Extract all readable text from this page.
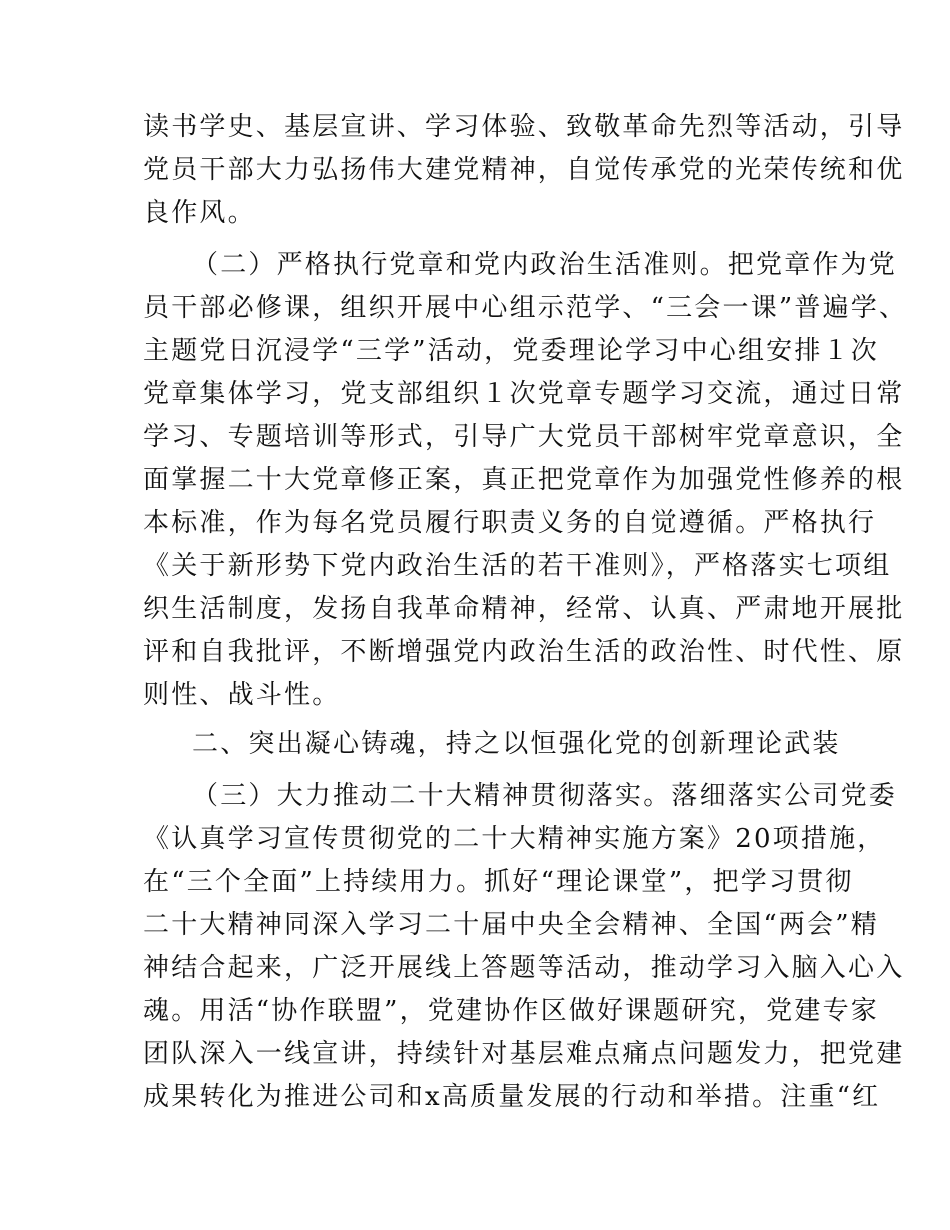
读书学史、基层宣讲、学习体验、致敬革命先烈等活动，引导
党员干部大力弘扬伟大建党精神，自觉传承党的光荣传统和优
良作风。
（二）严格执行党章和党内政治生活准则。把党章作为党
员干部必修课，组织开展中心组示范学、“三会一课”普遍学、
主题党日沉浸学“三学”活动，党委理论学习中心组安排１次
党章集体学习，党支部组织１次党章专题学习交流，通过日常
学习、专题培训等形式，引导广大党员干部树牢党章意识，全
面掌握二十大党章修正案，真正把党章作为加强党性修养的根
本标准，作为每名党员履行职责义务的自觉遵循。严格执行
《关于新形势下党内政治生活的若干准则》，严格落实七项组
织生活制度，发扬自我革命精神，经常、认真、严肃地开展批
评和自我批评，不断增强党内政治生活的政治性、时代性、原
则性、战斗性。
二、突出凝心铸魂，持之以恒强化党的创新理论武装
（三）大力推动二十大精神贯彻落实。落细落实公司党委
《认真学习宣传贯彻党的二十大精神实施方案》20项措施，
在“三个全面”上持续用力。抓好“理论课堂”，把学习贯彻
二十大精神同深入学习二十届中央全会精神、全国“两会”精
神结合起来，广泛开展线上答题等活动，推动学习入脑入心入
魂。用活“协作联盟”，党建协作区做好课题研究，党建专家
团队深入一线宣讲，持续针对基层难点痛点问题发力，把党建
成果转化为推进公司和x高质量发展的行动和举措。注重“红
